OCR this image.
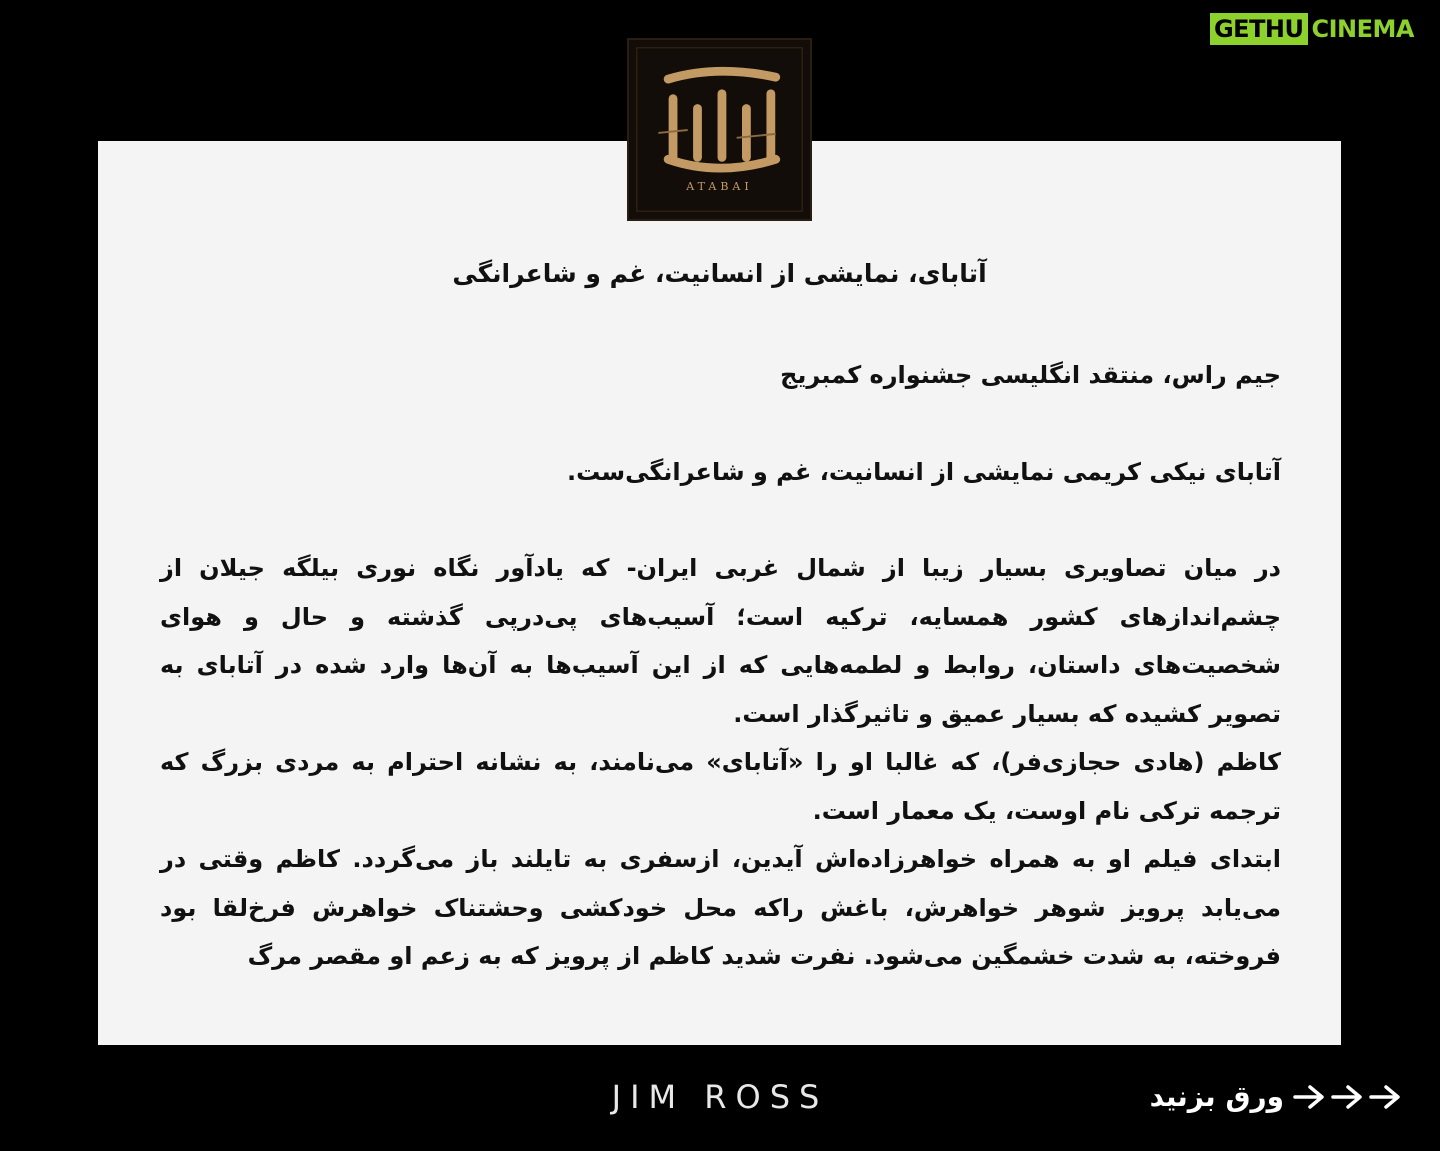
GETHU CINEMA
آتابای، نمایشی از انسانیت، غم و شاعرانگی

جیم راس، منتقد انگلیسی جشنواره کمبریج

آتابای نیکی کریمی نمایشی از انسانیت، غم و شاعرانگی‌ست.

در میان تصاویری بسیار زیبا از شمال غربی ایران- که یادآور نگاه نوری بیلگه جیلان از چشم‌اندازهای کشور همسایه، ترکیه است؛ آسیب‌های پی‌درپی گذشته و حال و هوای شخصیت‌های داستان، روابط و لطمه‌هایی که از این آسیب‌ها به آن‌ها وارد شده در آتابای به تصویر کشیده که بسیار عمیق و تاثیرگذار است.

کاظم (هادی حجازی‌فر)، که غالبا او را «آتابای» می‌نامند، به نشانه احترام به مردی بزرگ که ترجمه ترکی نام اوست، یک معمار است.

ابتدای فیلم او به همراه خواهرزاده‌اش آیدین، ازسفری به تایلند باز می‌گردد. کاظم وقتی در می‌یابد پرویز شوهر خواهرش، باغش راکه محل خودکشی وحشتناک خواهرش فرخ‌لقا بود فروخته، به شدت خشمگین می‌شود. نفرت شدید کاظم از پرویز که به زعم او مقصر مرگ

ATABAI
JIM ROSS	ورق بزنید
